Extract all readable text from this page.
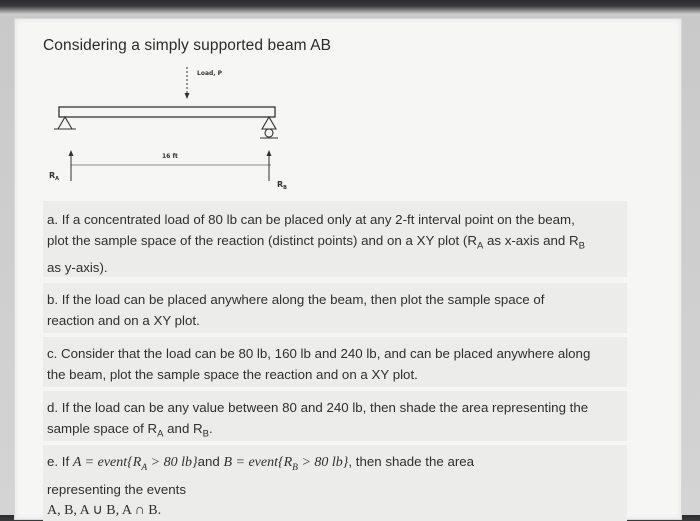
Considering a simply supported beam AB
Load, P
16 ft
$R_A$
$R_B$
a. If a concentrated load of 80 lb can be placed only at any 2-ft interval point on the beam,
plot the sample space of the reaction (distinct points) and on a XY plot ($R_A$ as x-axis and $R_B$
as y-axis).
b. If the load can be placed anywhere along the beam, then plot the sample space of
reaction and on a XY plot.
c. Consider that the load can be 80 lb, 160 lb and 240 lb, and can be placed anywhere along
the beam, plot the sample space the reaction and on a XY plot.
d. If the load can be any value between 80 and 240 lb, then shade the area representing the
sample space of $R_A$ and $R_B$.
e. If $A = event\{R_A > 80$ lb}and $B = event\{R_B > 80$ lb}, then shade the area
representing the events
A, B, A ∪ B, A ∩ B.
